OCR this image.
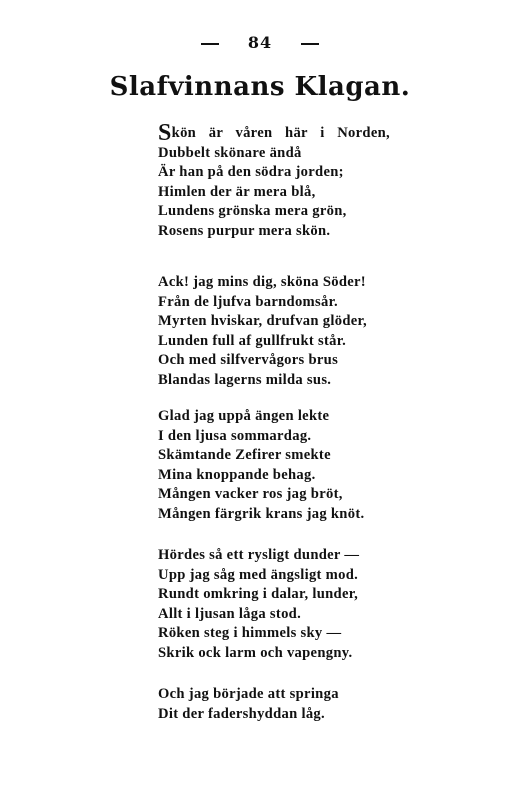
84
Slafvinnans Klagan.
Skön är våren här i Norden,
Dubbelt skönare ändå
Är han på den södra jorden;
Himlen der är mera blå,
Lundens grönska mera grön,
Rosens purpur mera skön.
Ack! jag mins dig, sköna Söder!
Från de ljufva barndomsår.
Myrten hviskar, drufvan glöder,
Lunden full af gullfrukt står.
Och med silfvervågors brus
Blandas lagerns milda sus.
Glad jag uppå ängen lekte
I den ljusa sommardag.
Skämtande Zefirer smekte
Mina knoppande behag.
Mången vacker ros jag bröt,
Mången färgrik krans jag knöt.
Hördes så ett rysligt dunder —
Upp jag såg med ängsligt mod.
Rundt omkring i dalar, lunder,
Allt i ljusan låga stod.
Röken steg i himmels sky —
Skrik ock larm och vapengny.
Och jag började att springa
Dit der fadershyddan låg.
